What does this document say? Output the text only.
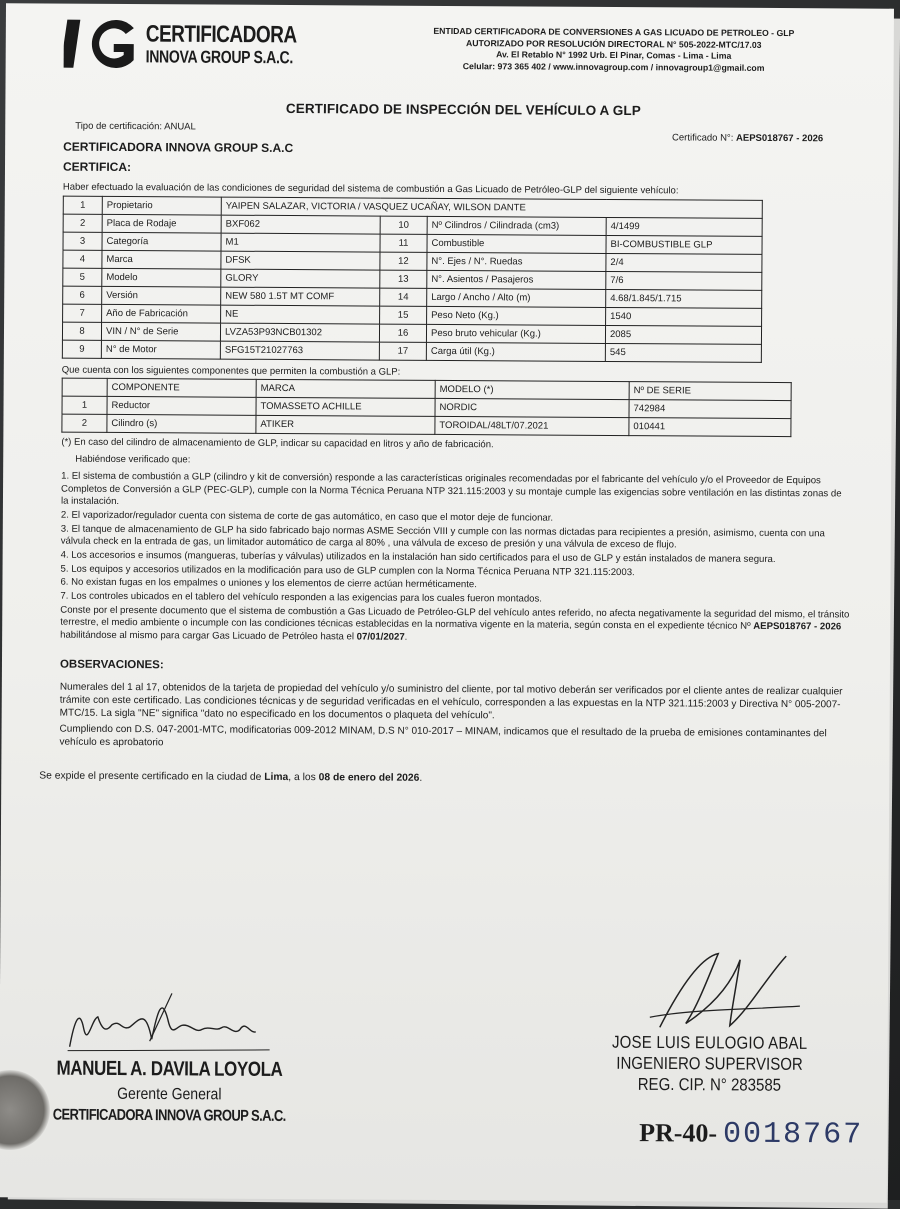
CERTIFICADORA
INNOVA GROUP S.A.C.
ENTIDAD CERTIFICADORA DE CONVERSIONES A GAS LICUADO DE PETROLEO - GLP
AUTORIZADO POR RESOLUCIÓN DIRECTORAL N° 505-2022-MTC/17.03
Av. El Retablo N° 1992 Urb. El Pinar, Comas - Lima - Lima
Celular: 973 365 402 / www.innovagroup.com / innovagroup1@gmail.com
CERTIFICADO DE INSPECCIÓN DEL VEHÍCULO A GLP
Tipo de certificación: ANUAL
Certificado N°: AEPS018767 - 2026
CERTIFICADORA INNOVA GROUP S.A.C
CERTIFICA:
Haber efectuado la evaluación de las condiciones de seguridad del sistema de combustión a Gas Licuado de Petróleo-GLP del siguiente vehículo:
1	Propietario	YAIPEN SALAZAR, VICTORIA / VASQUEZ UCAÑAY, WILSON DANTE			
2	Placa de Rodaje	BXF062	10	Nº Cilindros / Cilindrada (cm3)	4/1499
3	Categoría	M1	11	Combustible	BI-COMBUSTIBLE GLP
4	Marca	DFSK	12	N°. Ejes / N°. Ruedas	2/4
5	Modelo	GLORY	13	N°. Asientos / Pasajeros	7/6
6	Versión	NEW 580 1.5T MT COMF	14	Largo / Ancho / Alto (m)	4.68/1.845/1.715
7	Año de Fabricación	NE	15	Peso Neto (Kg.)	1540
8	VIN / N° de Serie	LVZA53P93NCB01302	16	Peso bruto vehicular (Kg.)	2085
9	N° de Motor	SFG15T21027763	17	Carga útil (Kg.)	545
Que cuenta con los siguientes componentes que permiten la combustión a GLP:
	COMPONENTE	MARCA	MODELO (*)	Nº DE SERIE
1	Reductor	TOMASSETO ACHILLE	NORDIC	742984
2	Cilindro (s)	ATIKER	TOROIDAL/48LT/07.2021	010441
(*) En caso del cilindro de almacenamiento de GLP, indicar su capacidad en litros y año de fabricación.
Habiéndose verificado que:

1. El sistema de combustión a GLP (cilindro y kit de conversión) responde a las características originales recomendadas por el fabricante del vehículo y/o el Proveedor de Equipos Completos de Conversión a GLP (PEC-GLP), cumple con la Norma Técnica Peruana NTP 321.115:2003 y su montaje cumple las exigencias sobre ventilación en las distintas zonas de la instalación.

2. El vaporizador/regulador cuenta con sistema de corte de gas automático, en caso que el motor deje de funcionar.

3. El tanque de almacenamiento de GLP ha sido fabricado bajo normas ASME Sección VIII y cumple con las normas dictadas para recipientes a presión, asimismo, cuenta con una válvula check en la entrada de gas, un limitador automático de carga al 80% , una válvula de exceso de presión y una válvula de exceso de flujo.

4. Los accesorios e insumos (mangueras, tuberías y válvulas) utilizados en la instalación han sido certificados para el uso de GLP y están instalados de manera segura.

5. Los equipos y accesorios utilizados en la modificación para uso de GLP cumplen con la Norma Técnica Peruana NTP 321.115:2003.

6. No existan fugas en los empalmes o uniones y los elementos de cierre actúan herméticamente.

7. Los controles ubicados en el tablero del vehículo responden a las exigencias para los cuales fueron montados.

Conste por el presente documento que el sistema de combustión a Gas Licuado de Petróleo-GLP del vehículo antes referido, no afecta negativamente la seguridad del mismo, el tránsito terrestre, el medio ambiente o incumple con las condiciones técnicas establecidas en la normativa vigente en la materia, según consta en el expediente técnico Nº AEPS018767 - 2026 habilitándose al mismo para cargar Gas Licuado de Petróleo hasta el 07/01/2027.

OBSERVACIONES:

Numerales del 1 al 17, obtenidos de la tarjeta de propiedad del vehículo y/o suministro del cliente, por tal motivo deberán ser verificados por el cliente antes de realizar cualquier trámite con este certificado. Las condiciones técnicas y de seguridad verificadas en el vehículo, corresponden a las expuestas en la NTP 321.115:2003 y Directiva N° 005-2007-MTC/15. La sigla "NE" significa "dato no especificado en los documentos o plaqueta del vehículo".

Cumpliendo con D.S. 047-2001-MTC, modificatorias 009-2012 MINAM, D.S N° 010-2017 – MINAM, indicamos que el resultado de la prueba de emisiones contaminantes del vehículo es aprobatorio

Se expide el presente certificado en la ciudad de Lima, a los 08 de enero del 2026.
MANUEL A. DAVILA LOYOLA
Gerente General
CERTIFICADORA INNOVA GROUP S.A.C.
JOSE LUIS EULOGIO ABAL
INGENIERO SUPERVISOR
REG. CIP. N° 283585
PR-40- 0018767
